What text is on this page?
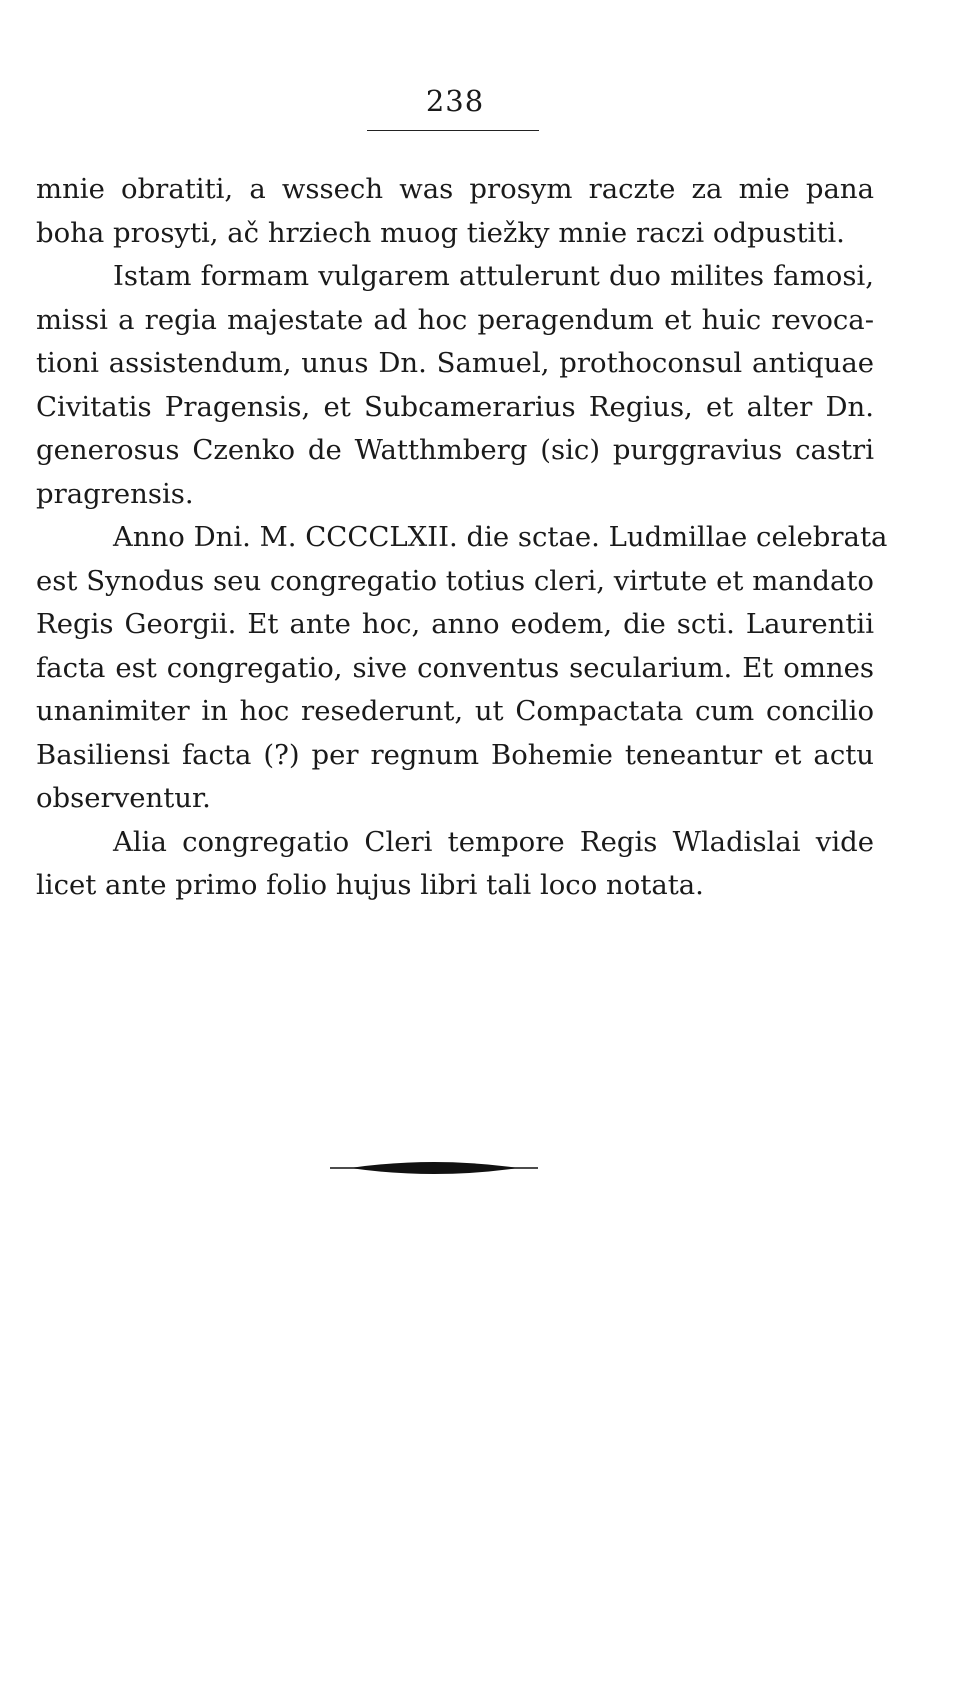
238
mnie obratiti, a wssech was prosym raczte za mie pana
boha prosyti, ač hrziech muog tiežky mnie raczi odpustiti.
Istam formam vulgarem attulerunt duo milites famosi,
missi a regia majestate ad hoc peragendum et huic revoca-
tioni assistendum, unus Dn. Samuel, prothoconsul antiquae
Civitatis Pragensis, et Subcamerarius Regius, et alter Dn.
generosus Czenko de Watthmberg (sic) purggravius castri
pragrensis.
Anno Dni. M. CCCCLXII. die sctae. Ludmillae celebrata
est Synodus seu congregatio totius cleri, virtute et mandato
Regis Georgii. Et ante hoc, anno eodem, die scti. Laurentii
facta est congregatio, sive conventus secularium. Et omnes
unanimiter in hoc resederunt, ut Compactata cum concilio
Basiliensi facta (?) per regnum Bohemie teneantur et actu
observentur.
Alia congregatio Cleri tempore Regis Wladislai vide
licet ante primo folio hujus libri tali loco notata.
